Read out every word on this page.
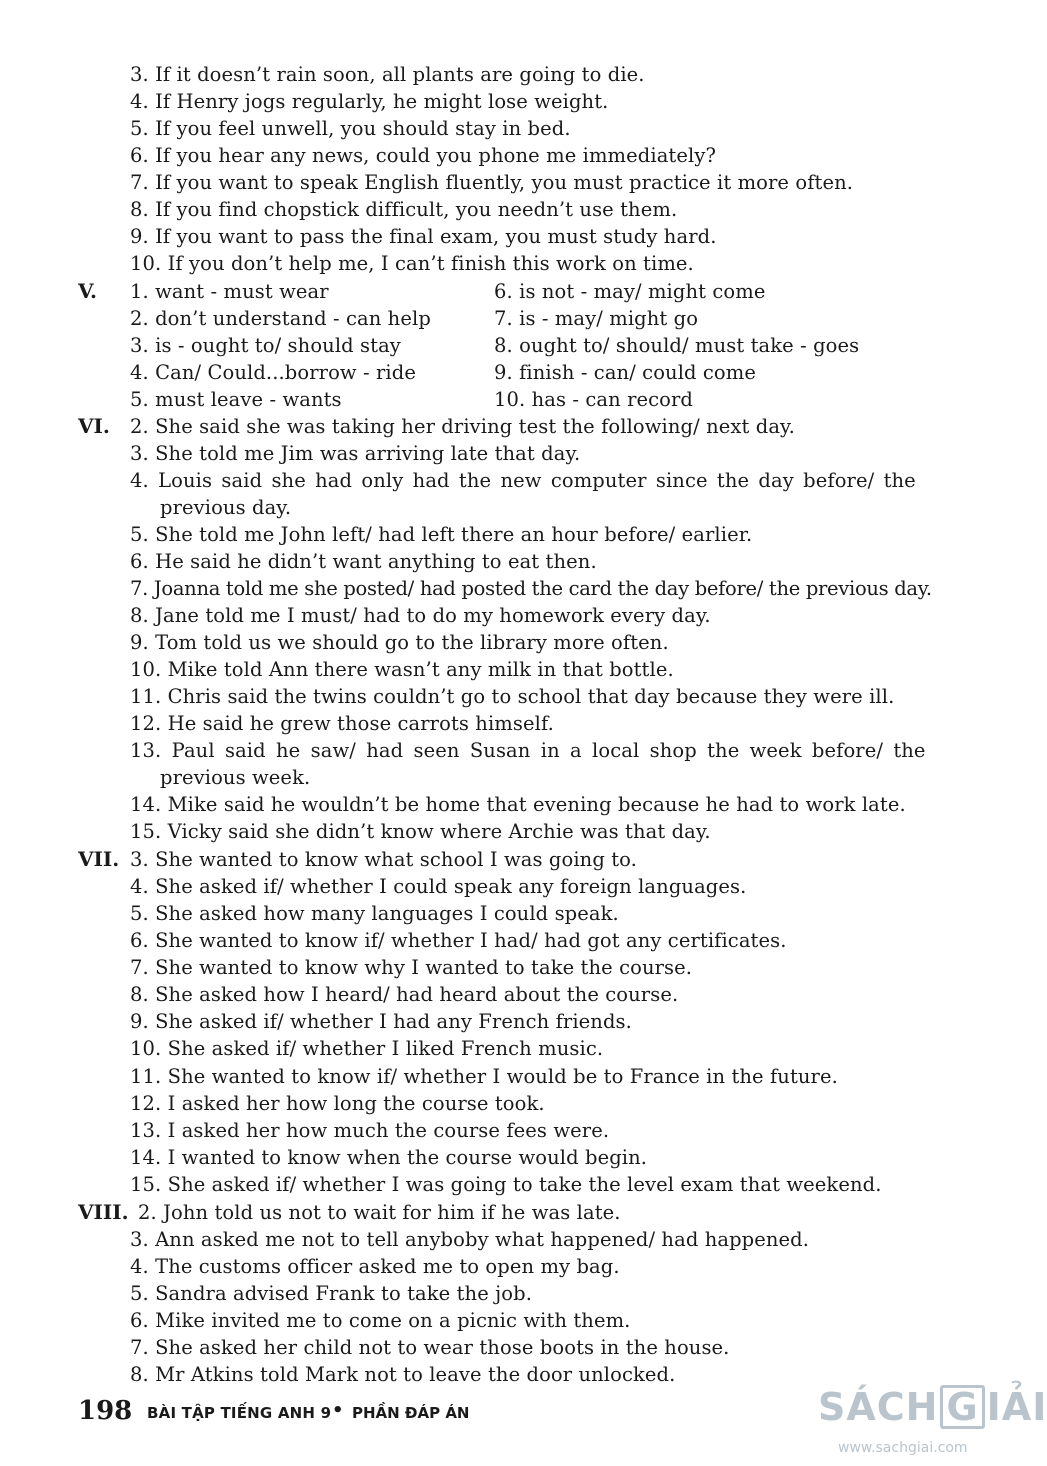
3. If it doesn’t rain soon, all plants are going to die.
4. If Henry jogs regularly, he might lose weight.
5. If you feel unwell, you should stay in bed.
6. If you hear any news, could you phone me immediately?
7. If you want to speak English fluently, you must practice it more often.
8. If you find chopstick difficult, you needn’t use them.
9. If you want to pass the final exam, you must study hard.
10. If you don’t help me, I can’t finish this work on time.
V. 1. want - must wear
2. don’t understand - can help
3. is - ought to/ should stay
4. Can/ Could...borrow - ride
5. must leave - wants
6. is not - may/ might come
7. is - may/ might go
8. ought to/ should/ must take - goes
9. finish - can/ could come
10. has - can record
VI. 2. She said she was taking her driving test the following/ next day.
3. She told me Jim was arriving late that day.
4. Louis said she had only had the new computer since the day before/ the
previous day.
5. She told me John left/ had left there an hour before/ earlier.
6. He said he didn’t want anything to eat then.
7. Joanna told me she posted/ had posted the card the day before/ the previous day.
8. Jane told me I must/ had to do my homework every day.
9. Tom told us we should go to the library more often.
10. Mike told Ann there wasn’t any milk in that bottle.
11. Chris said the twins couldn’t go to school that day because they were ill.
12. He said he grew those carrots himself.
13. Paul said he saw/ had seen Susan in a local shop the week before/ the
previous week.
14. Mike said he wouldn’t be home that evening because he had to work late.
15. Vicky said she didn’t know where Archie was that day.
VII. 3. She wanted to know what school I was going to.
4. She asked if/ whether I could speak any foreign languages.
5. She asked how many languages I could speak.
6. She wanted to know if/ whether I had/ had got any certificates.
7. She wanted to know why I wanted to take the course.
8. She asked how I heard/ had heard about the course.
9. She asked if/ whether I had any French friends.
10. She asked if/ whether I liked French music.
11. She wanted to know if/ whether I would be to France in the future.
12. I asked her how long the course took.
13. I asked her how much the course fees were.
14. I wanted to know when the course would begin.
15. She asked if/ whether I was going to take the level exam that weekend.
VIII. 2. John told us not to wait for him if he was late.
3. Ann asked me not to tell anyboby what happened/ had happened.
4. The customs officer asked me to open my bag.
5. Sandra advised Frank to take the job.
6. Mike invited me to come on a picnic with them.
7. She asked her child not to wear those boots in the house.
8. Mr Atkins told Mark not to leave the door unlocked.
198 BÀI TẬP TIẾNG ANH 9 • PHẦN ĐÁP ÁN	SÁCH G IẢI
www.sachgiai.com
